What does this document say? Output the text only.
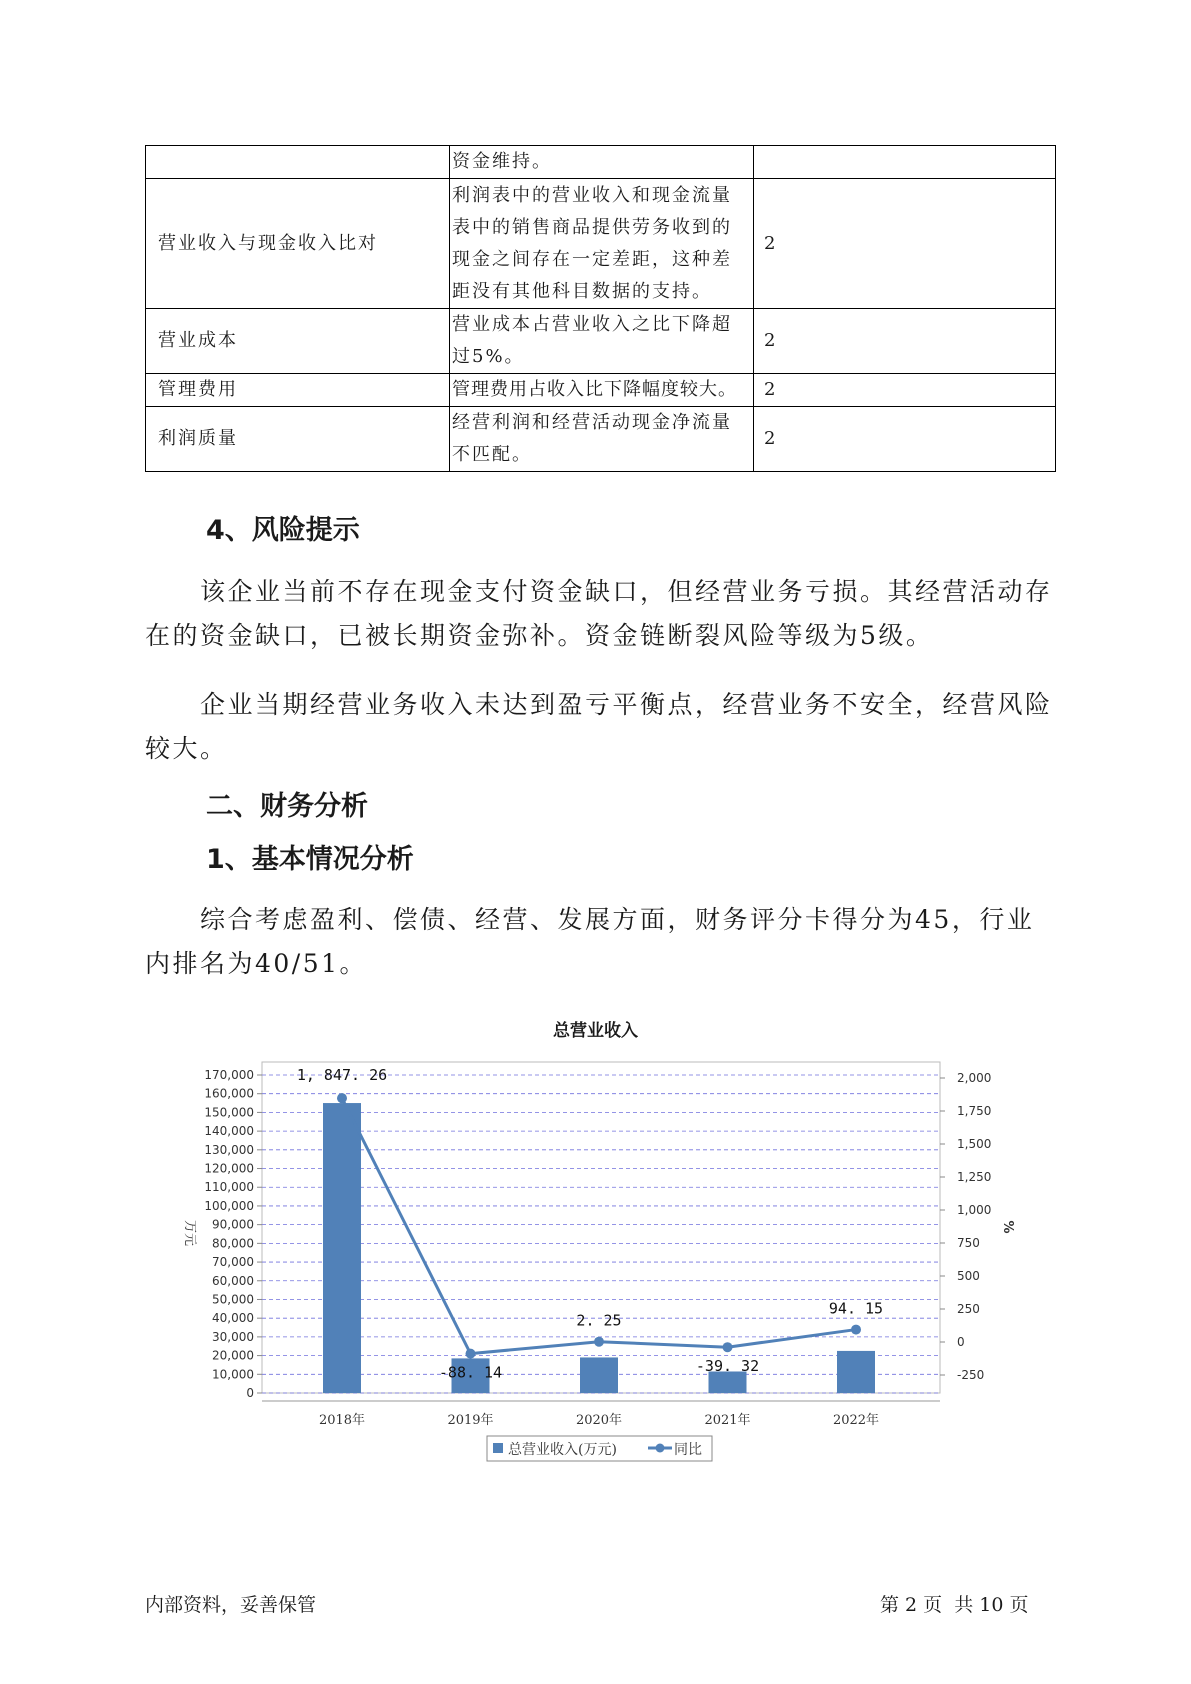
	资金维持。	
营业收入与现金收入比对	利润表中的营业收入和现金流量表中的销售商品提供劳务收到的现金之间存在一定差距，这种差距没有其他科目数据的支持。	2
营业成本	营业成本占营业收入之比下降超过5%。	2
管理费用	管理费用占收入比下降幅度较大。	2
利润质量	经营利润和经营活动现金净流量不匹配。	2
4、风险提示

该企业当前不存在现金支付资金缺口，但经营业务亏损。其经营活动存在的资金缺口，已被长期资金弥补。资金链断裂风险等级为5级。

企业当期经营业务收入未达到盈亏平衡点，经营业务不安全，经营风险较大。

二、财务分析
1、基本情况分析

综合考虑盈利、偿债、经营、发展方面，财务评分卡得分为45，行业内排名为40/51。

总营业收入
170,000
160,000
150,000
140,000
130,000
120,000
110,000
100,000
90,000
80,000
70,000
60,000
50,000
40,000
30,000
20,000
10,000
0
2,000
1,750
1,500
1,250
1,000
750
500
250
0
-250
万元	%
2018年	2019年	2020年	2021年	2022年
1, 847. 26
-88. 14
2. 25
-39. 32
94. 15
总营业收入(万元)	同比
内部资料，妥善保管	第 2 页  共 10 页
